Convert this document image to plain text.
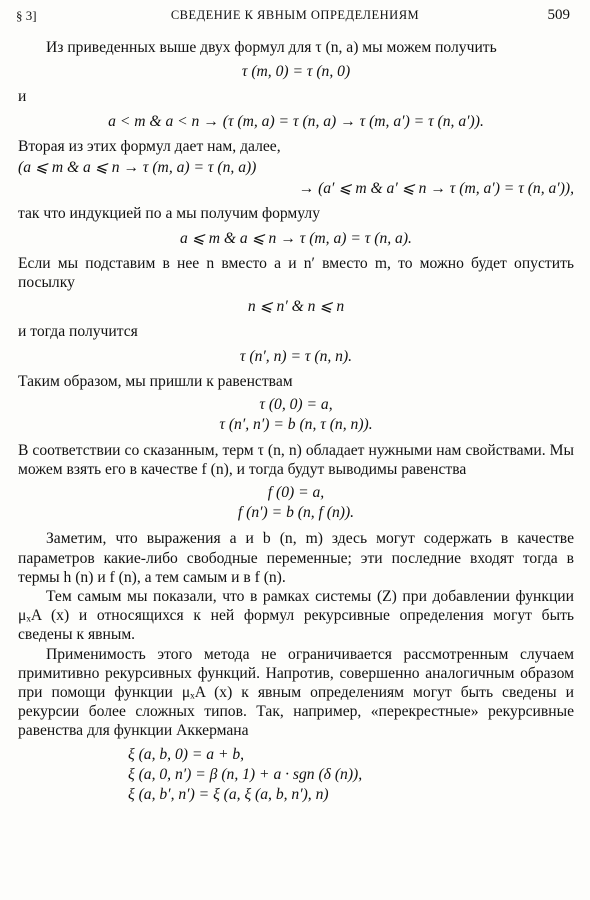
§ 3]	СВЕДЕНИЕ К ЯВНЫМ ОПРЕДЕЛЕНИЯМ	509

Из приведенных выше двух формул для τ (n, a) мы можем получить

τ (m, 0) = τ (n, 0)
и
a < m & a < n → (τ (m, a) = τ (n, a) → τ (m, a′) = τ (n, a′)).

Вторая из этих формул дает нам, далее,

(a ⩽ m & a ⩽ n → τ (m, a) = τ (n, a))
→ (a′ ⩽ m & a′ ⩽ n → τ (m, a′) = τ (n, a′)),

так что индукцией по a мы получим формулу

a ⩽ m & a ⩽ n → τ (m, a) = τ (n, a).

Если мы подставим в нее n вместо a и n′ вместо m, то можно будет опустить посылку

n ⩽ n′ & n ⩽ n
и тогда получится
τ (n′, n) = τ (n, n).

Таким образом, мы пришли к равенствам

τ (0, 0) = a,
τ (n′, n′) = b (n, τ (n, n)).

В соответствии со сказанным, терм τ (n, n) обладает нужными нам свойствами. Мы можем взять его в качестве f (n), и тогда будут выводимы равенства

f (0) = a,
f (n′) = b (n, f (n)).

Заметим, что выражения a и b (n, m) здесь могут содержать в качестве параметров какие-либо свободные переменные; эти последние входят тогда в термы h (n) и f (n), а тем самым и в f (n).

Тем самым мы показали, что в рамках системы (Z) при добавлении функции μₓA (x) и относящихся к ней формул рекурсивные определения могут быть сведены к явным.

Применимость этого метода не ограничивается рассмотренным случаем примитивно рекурсивных функций. Напротив, совершенно аналогичным образом при помощи функции μₓA (x) к явным определениям могут быть сведены и рекурсии более сложных типов. Так, например, «перекрестные» рекурсивные равенства для функции Аккермана

ξ (a, b, 0) = a + b,
ξ (a, 0, n′) = β (n, 1) + a · sgn (δ (n)),
ξ (a, b′, n′) = ξ (a, ξ (a, b, n′), n)
